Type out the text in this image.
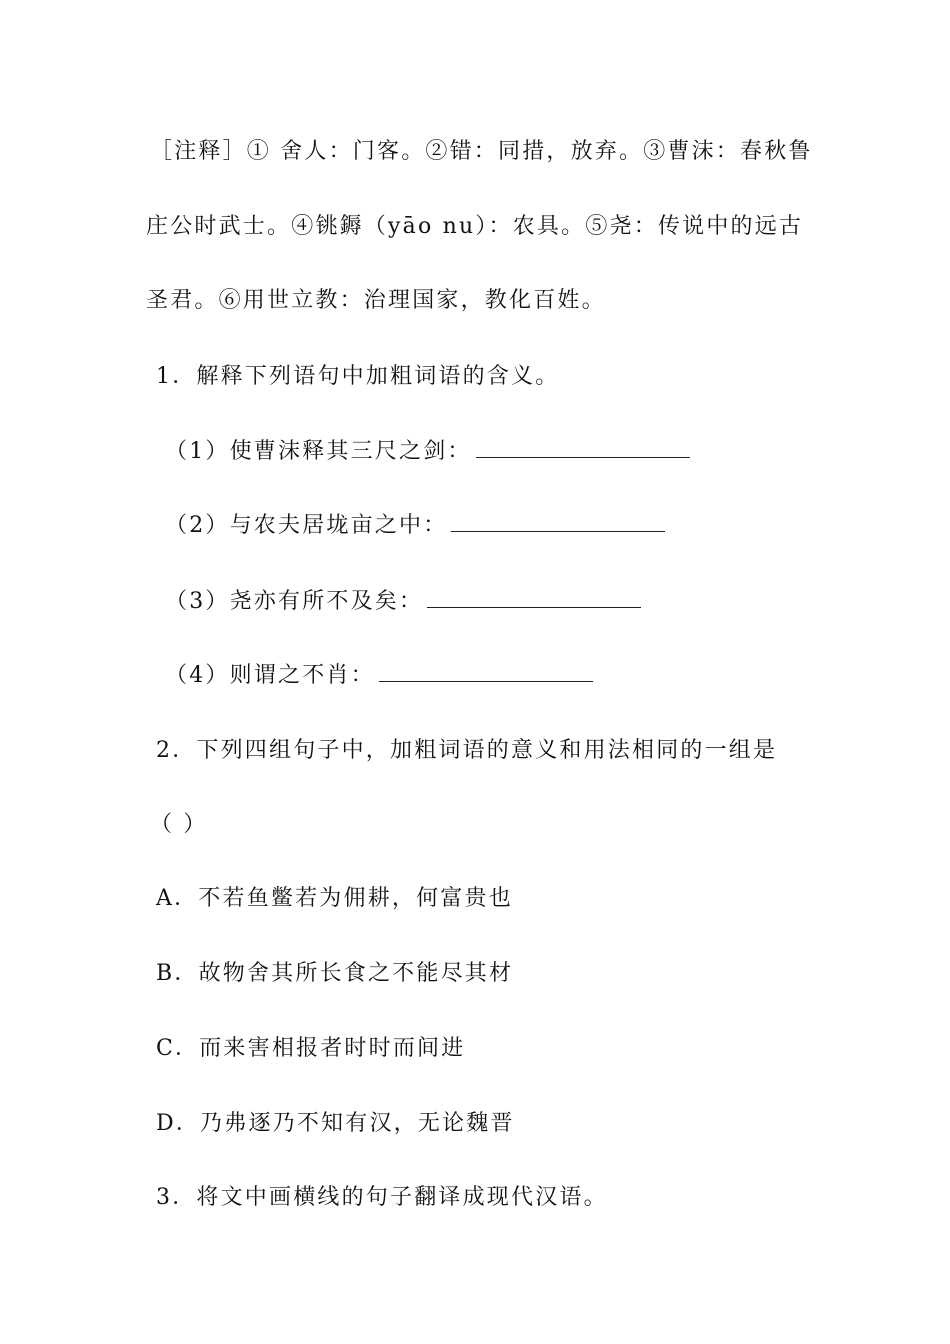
［注释］① 舍人：门客。②错：同措，放弃。③曹沫：春秋鲁
庄公时武士。④铫鎒（yāo nu）：农具。⑤尧：传说中的远古
圣君。⑥用世立教：治理国家，教化百姓。
1．解释下列语句中加粗词语的含义。
（1）使曹沫释其三尺之剑：
（2）与农夫居垅亩之中：
（3）尧亦有所不及矣：
（4）则谓之不肖：
2．下列四组句子中，加粗词语的意义和用法相同的一组是
（ ）
A．不若鱼鳖若为佣耕，何富贵也
B．故物舍其所长食之不能尽其材
C．而来害相报者时时而间进
D．乃弗逐乃不知有汉，无论魏晋
3．将文中画横线的句子翻译成现代汉语。
